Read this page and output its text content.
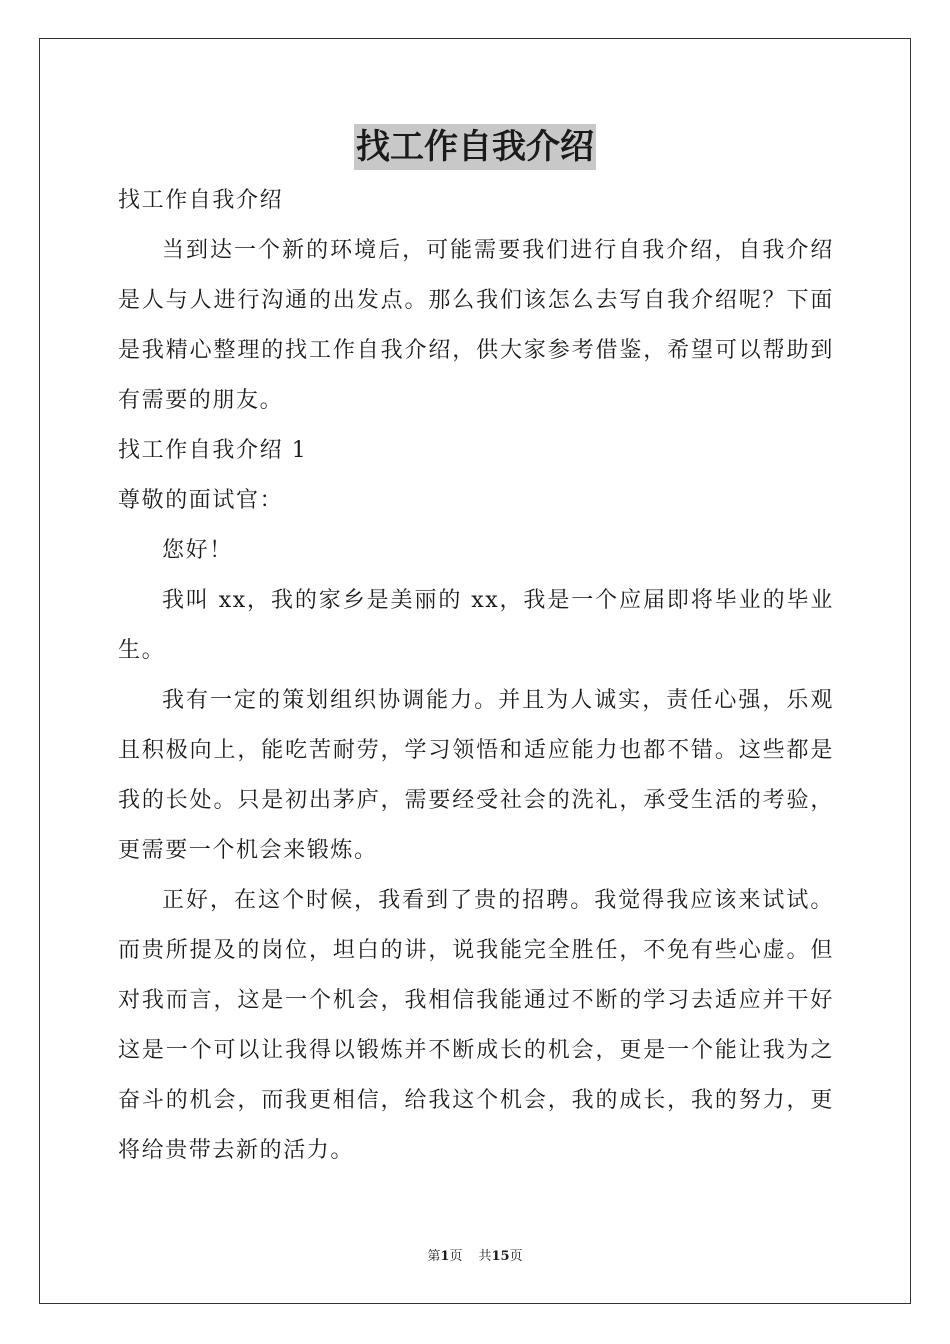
找工作自我介绍

找工作自我介绍

当到达一个新的环境后，可能需要我们进行自我介绍，自我介绍是人与人进行沟通的出发点。那么我们该怎么去写自我介绍呢？下面是我精心整理的找工作自我介绍，供大家参考借鉴，希望可以帮助到有需要的朋友。

找工作自我介绍 1

尊敬的面试官：

您好！

我叫 xx，我的家乡是美丽的 xx，我是一个应届即将毕业的毕业生。

我有一定的策划组织协调能力。并且为人诚实，责任心强，乐观且积极向上，能吃苦耐劳，学习领悟和适应能力也都不错。这些都是我的长处。只是初出茅庐，需要经受社会的洗礼，承受生活的考验，更需要一个机会来锻炼。

正好，在这个时候，我看到了贵的招聘。我觉得我应该来试试。而贵所提及的岗位，坦白的讲，说我能完全胜任，不免有些心虚。但对我而言，这是一个机会，我相信我能通过不断的学习去适应并干好这是一个可以让我得以锻炼并不断成长的机会，更是一个能让我为之奋斗的机会，而我更相信，给我这个机会，我的成长，我的努力，更将给贵带去新的活力。

第1页 共15页
